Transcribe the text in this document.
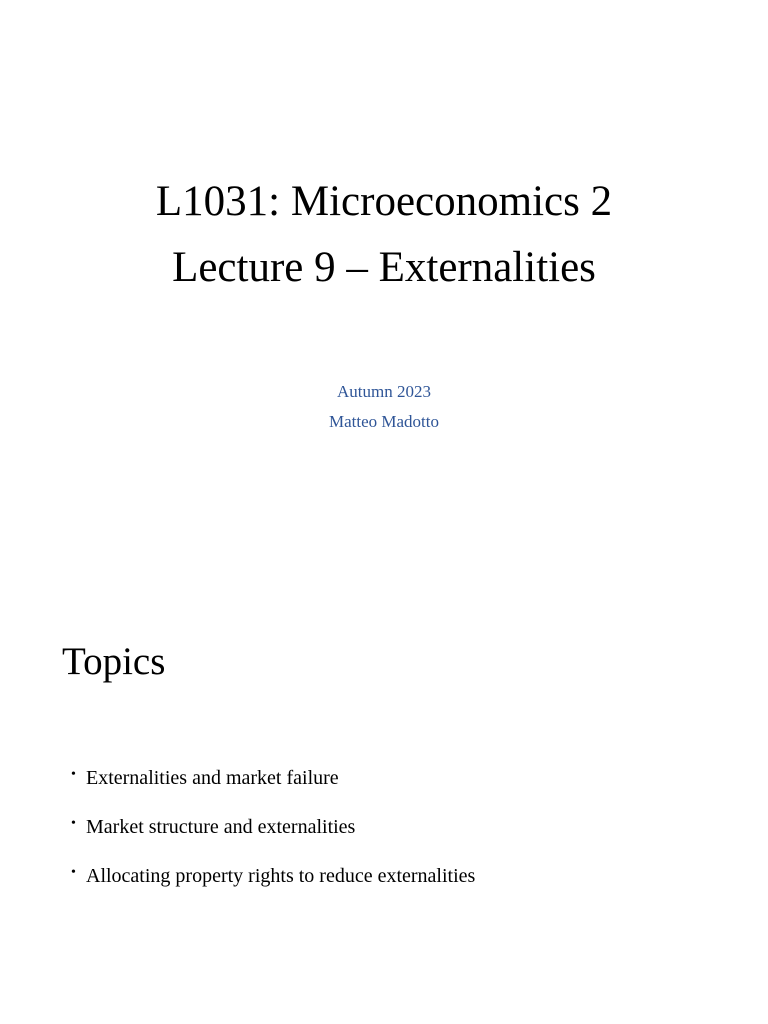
L1031: Microeconomics 2
Lecture 9 – Externalities
Autumn 2023
Matteo Madotto
Topics
• Externalities and market failure
• Market structure and externalities
• Allocating property rights to reduce externalities
